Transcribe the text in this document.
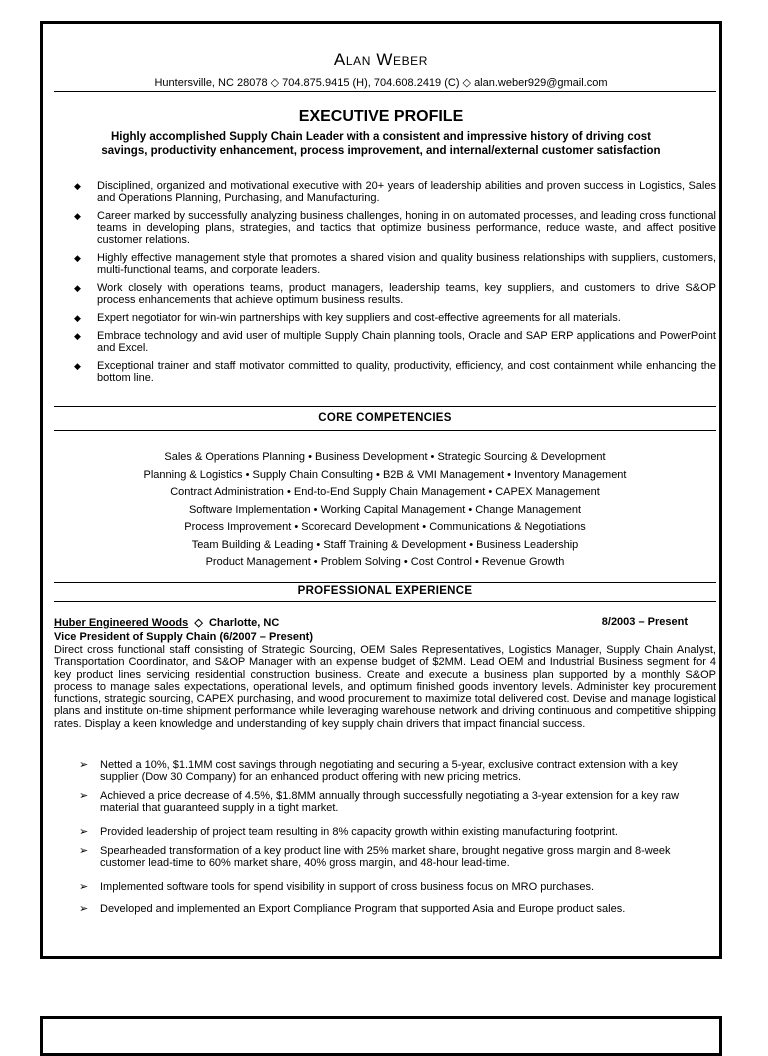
Alan Weber
Huntersville, NC 28078 ◇ 704.875.9415 (H), 704.608.2419 (C) ◇ alan.weber929@gmail.com
EXECUTIVE PROFILE
Highly accomplished Supply Chain Leader with a consistent and impressive history of driving cost
savings, productivity enhancement, process improvement, and internal/external customer satisfaction
◆ Disciplined, organized and motivational executive with 20+ years of leadership abilities and proven success in Logistics, Sales and Operations Planning, Purchasing, and Manufacturing.
◆ Career marked by successfully analyzing business challenges, honing in on automated processes, and leading cross functional teams in developing plans, strategies, and tactics that optimize business performance, reduce waste, and affect positive customer relations.
◆ Highly effective management style that promotes a shared vision and quality business relationships with suppliers, customers, multi-functional teams, and corporate leaders.
◆ Work closely with operations teams, product managers, leadership teams, key suppliers, and customers to drive S&OP process enhancements that achieve optimum business results.
◆ Expert negotiator for win-win partnerships with key suppliers and cost-effective agreements for all materials.
◆ Embrace technology and avid user of multiple Supply Chain planning tools, Oracle and SAP ERP applications and PowerPoint and Excel.
◆ Exceptional trainer and staff motivator committed to quality, productivity, efficiency, and cost containment while enhancing the bottom line.
CORE COMPETENCIES
Sales & Operations Planning • Business Development • Strategic Sourcing & Development
Planning & Logistics • Supply Chain Consulting • B2B & VMI Management • Inventory Management
Contract Administration • End-to-End Supply Chain Management • CAPEX Management
Software Implementation • Working Capital Management • Change Management
Process Improvement • Scorecard Development • Communications & Negotiations
Team Building & Leading • Staff Training & Development • Business Leadership
Product Management • Problem Solving • Cost Control • Revenue Growth
PROFESSIONAL EXPERIENCE
Huber Engineered Woods ◇ Charlotte, NC	8/2003 – Present
Vice President of Supply Chain (6/2007 – Present)
Direct cross functional staff consisting of Strategic Sourcing, OEM Sales Representatives, Logistics Manager, Supply Chain Analyst, Transportation Coordinator, and S&OP Manager with an expense budget of $2MM. Lead OEM and Industrial Business segment for 4 key product lines servicing residential construction business. Create and execute a business plan supported by a monthly S&OP process to manage sales expectations, operational levels, and optimum finished goods inventory levels. Administer key procurement functions, strategic sourcing, CAPEX purchasing, and wood procurement to maximize total delivered cost. Devise and manage logistical plans and institute on-time shipment performance while leveraging warehouse network and driving continuous and competitive shipping rates. Display a keen knowledge and understanding of key supply chain drivers that impact financial success.
➢ Netted a 10%, $1.1MM cost savings through negotiating and securing a 5-year, exclusive contract extension with a key supplier (Dow 30 Company) for an enhanced product offering with new pricing metrics.
➢ Achieved a price decrease of 4.5%, $1.8MM annually through successfully negotiating a 3-year extension for a key raw material that guaranteed supply in a tight market.
➢ Provided leadership of project team resulting in 8% capacity growth within existing manufacturing footprint.
➢ Spearheaded transformation of a key product line with 25% market share, brought negative gross margin and 8-week customer lead-time to 60% market share, 40% gross margin, and 48-hour lead-time.
➢ Implemented software tools for spend visibility in support of cross business focus on MRO purchases.
➢ Developed and implemented an Export Compliance Program that supported Asia and Europe product sales.
